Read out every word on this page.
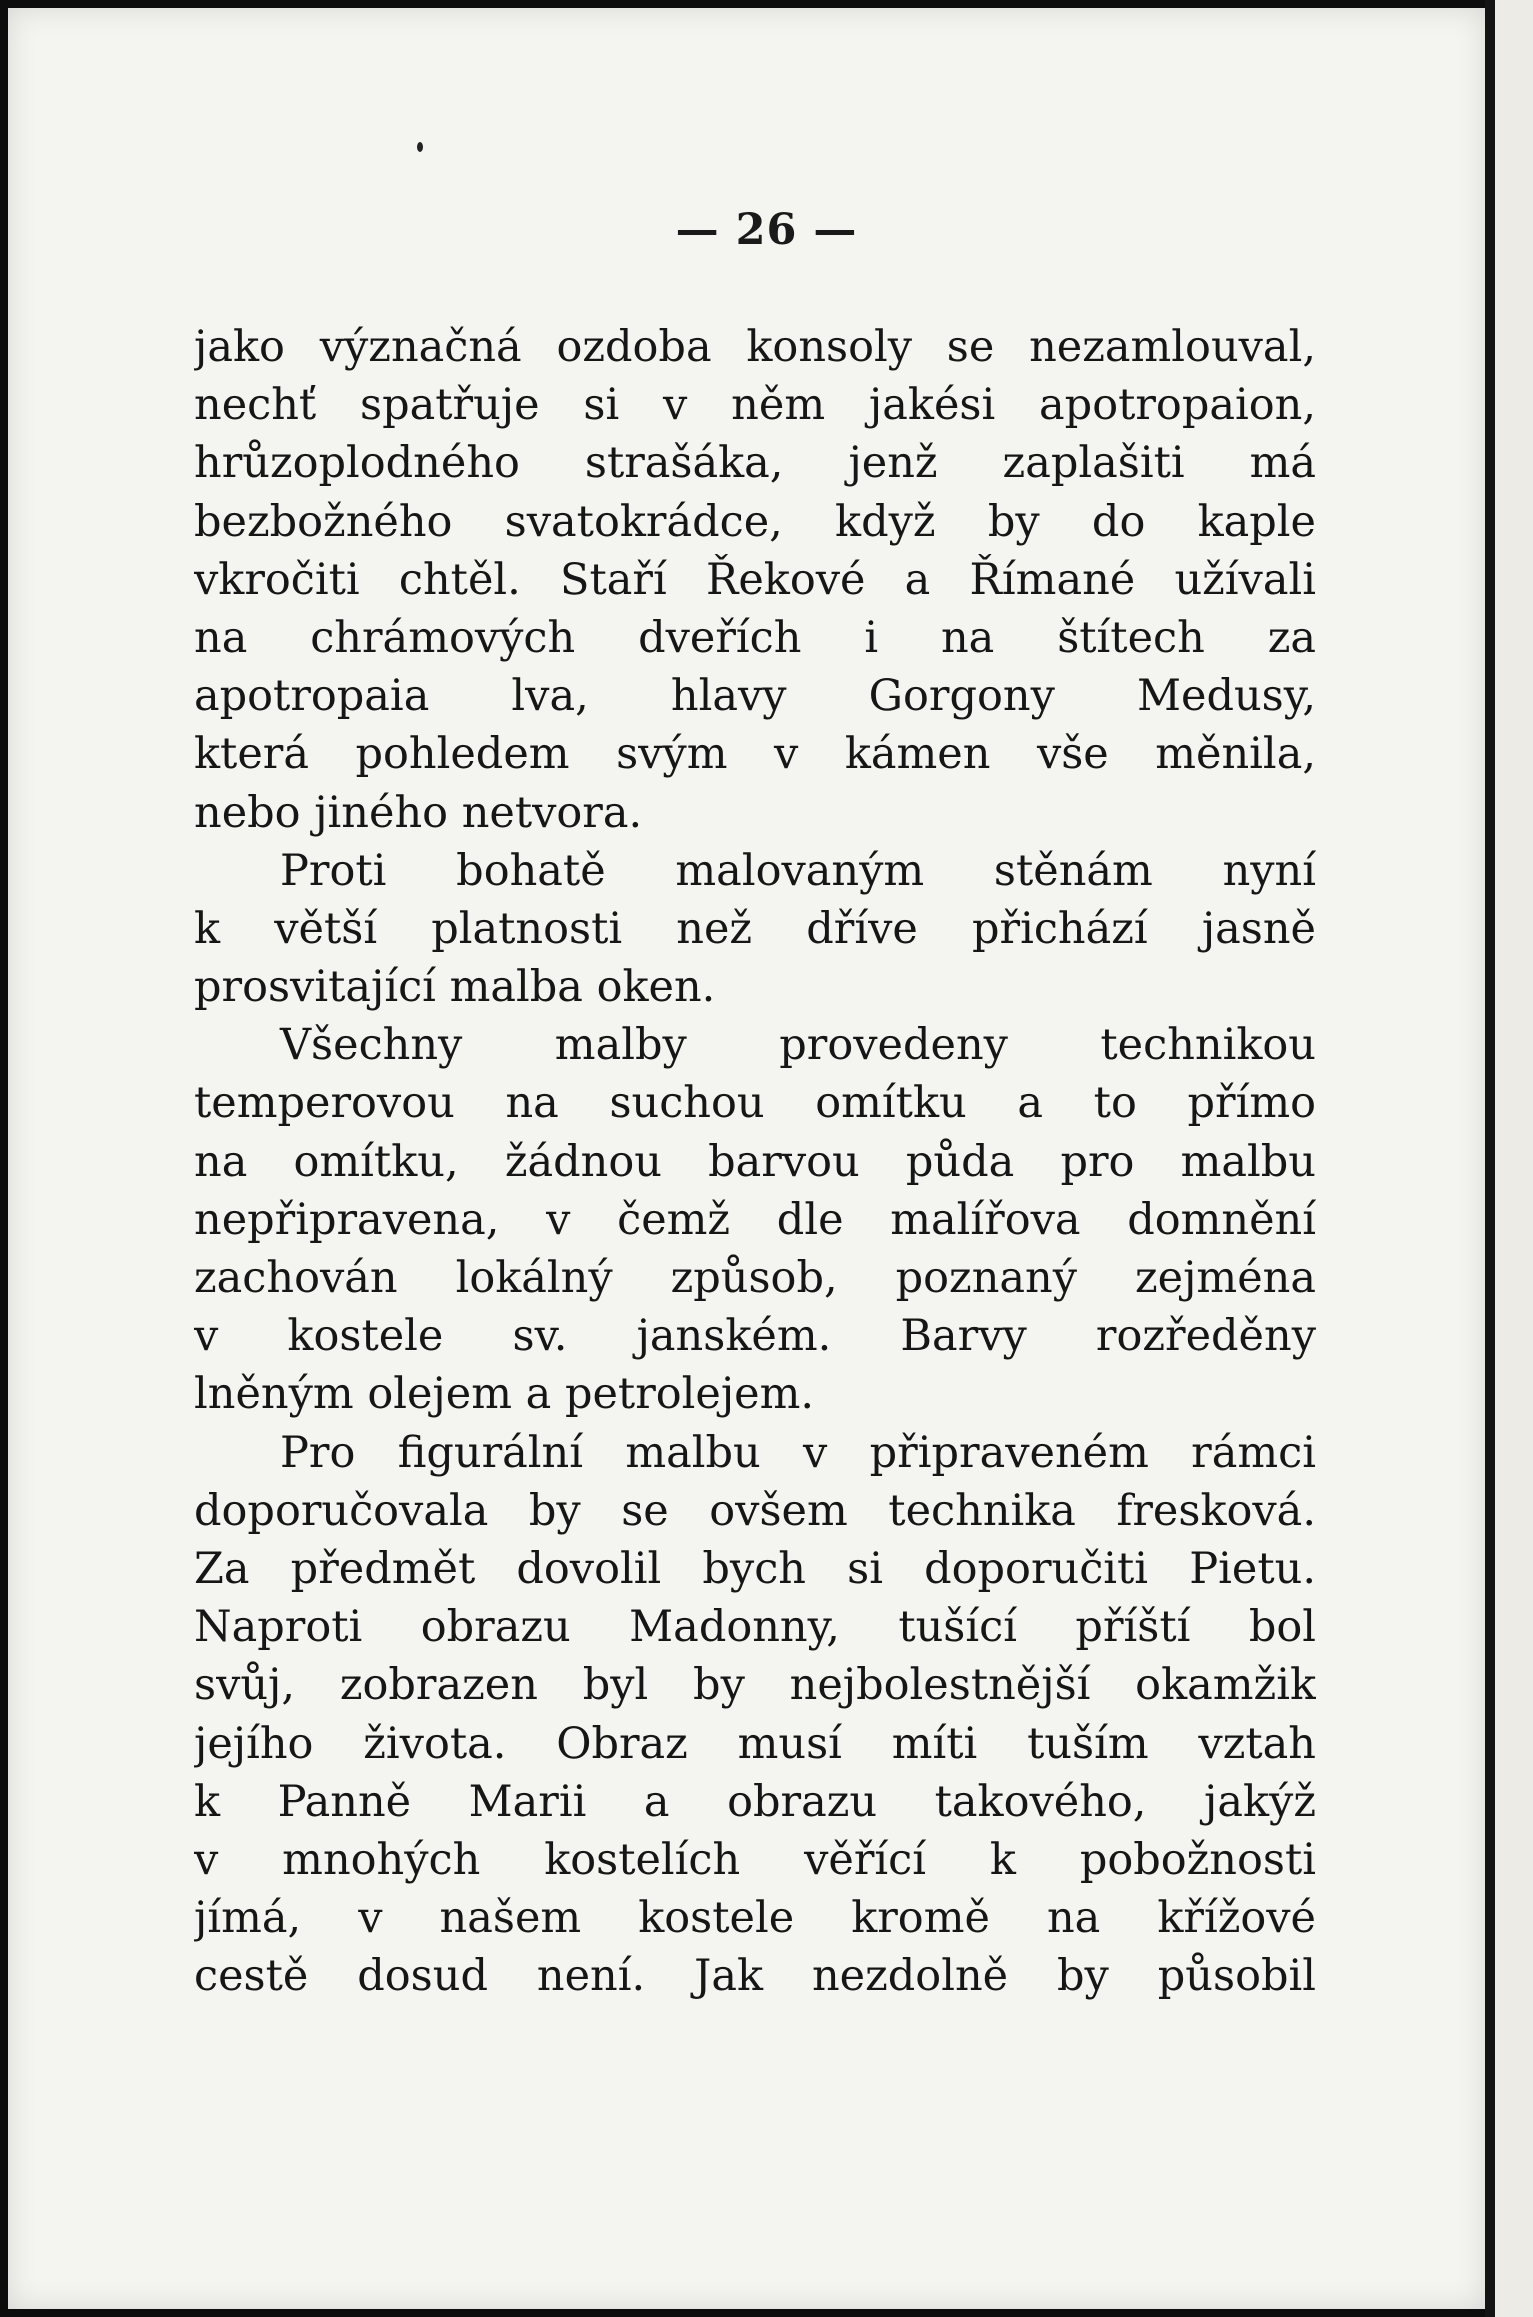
— 26 —
jako význačná ozdoba konsoly se nezamlouval,
nechť spatřuje si v něm jakési apotropaion,
hrůzoplodného strašáka, jenž zaplašiti má
bezbožného svatokrádce, když by do kaple
vkročiti chtěl. Staří Řekové a Římané užívali
na chrámových dveřích i na štítech za
apotropaia lva, hlavy Gorgony Medusy,
která pohledem svým v kámen vše měnila,
nebo jiného netvora.
Proti bohatě malovaným stěnám nyní
k větší platnosti než dříve přichází jasně
prosvitající malba oken.
Všechny malby provedeny technikou
temperovou na suchou omítku a to přímo
na omítku, žádnou barvou půda pro malbu
nepřipravena, v čemž dle malířova domnění
zachován lokálný způsob, poznaný zejména
v kostele sv. janském. Barvy rozředěny
lněným olejem a petrolejem.
Pro figurální malbu v připraveném rámci
doporučovala by se ovšem technika fresková.
Za předmět dovolil bych si doporučiti Pietu.
Naproti obrazu Madonny, tušící příští bol
svůj, zobrazen byl by nejbolestnější okamžik
jejího života. Obraz musí míti tuším vztah
k Panně Marii a obrazu takového, jakýž
v mnohých kostelích věřící k pobožnosti
jímá, v našem kostele kromě na křížové
cestě dosud není. Jak nezdolně by působil
